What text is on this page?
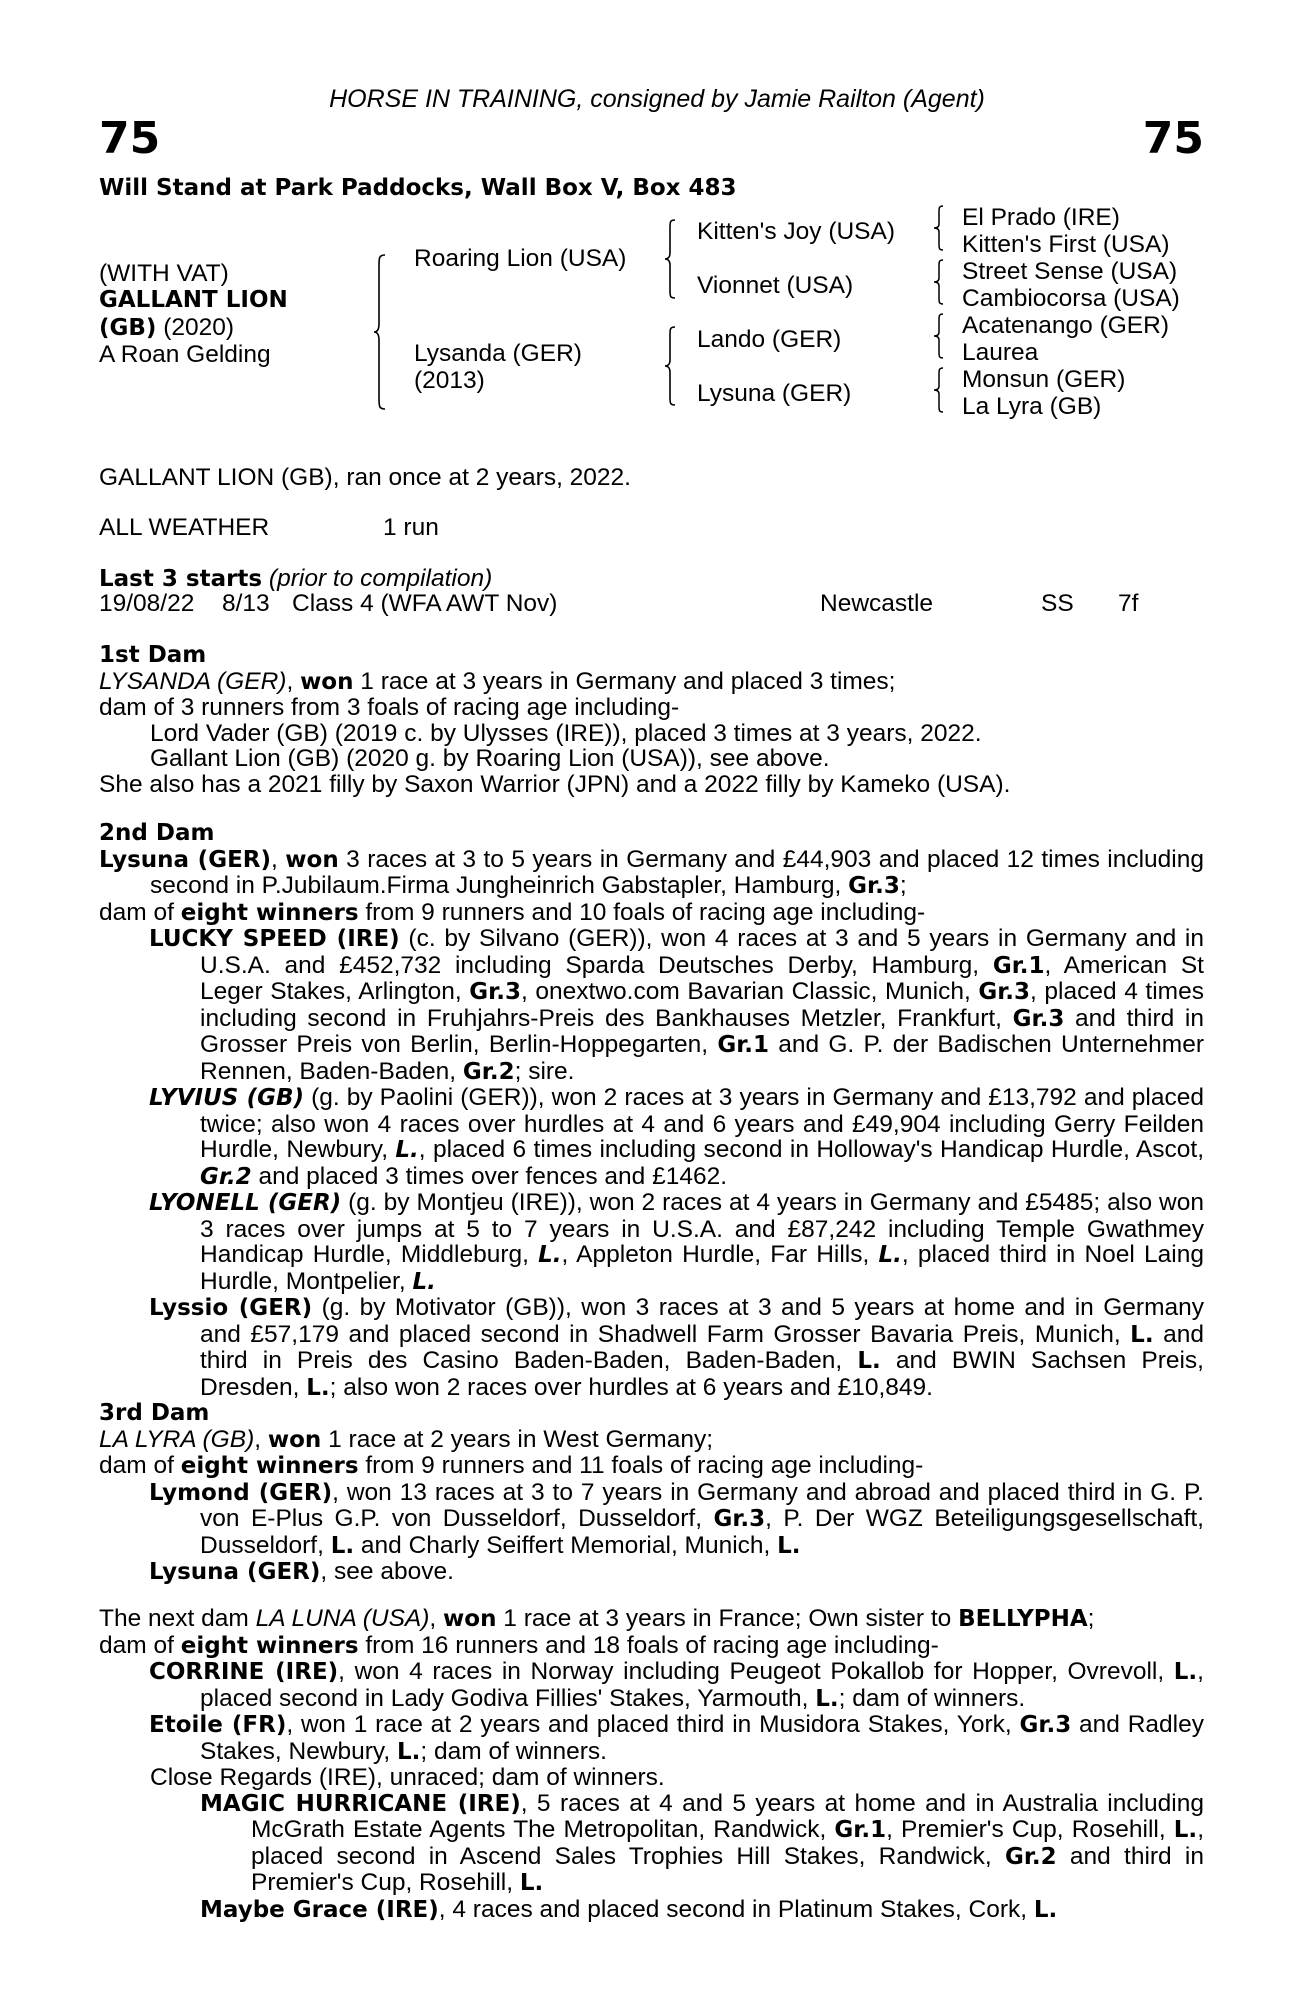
HORSE IN TRAINING, consigned by Jamie Railton (Agent)
75	75
Will Stand at Park Paddocks, Wall Box V, Box 483
(WITH VAT)
GALLANT LION
(GB) (2020)
A Roan Gelding
Roaring Lion (USA)
Lysanda (GER)
(2013)
Kitten's Joy (USA)
Vionnet (USA)
Lando (GER)
Lysuna (GER)
El Prado (IRE)
Kitten's First (USA)
Street Sense (USA)
Cambiocorsa (USA)
Acatenango (GER)
Laurea
Monsun (GER)
La Lyra (GB)
GALLANT LION (GB), ran once at 2 years, 2022.
ALL WEATHER	1 run
Last 3 starts (prior to compilation)
19/08/22 8/13 Class 4 (WFA AWT Nov)	Newcastle	SS 7f

1st Dam

LYSANDA (GER), won 1 race at 3 years in Germany and placed 3 times;

dam of 3 runners from 3 foals of racing age including-

Lord Vader (GB) (2019 c. by Ulysses (IRE)), placed 3 times at 3 years, 2022.

Gallant Lion (GB) (2020 g. by Roaring Lion (USA)), see above.

She also has a 2021 filly by Saxon Warrior (JPN) and a 2022 filly by Kameko (USA).

2nd Dam

Lysuna (GER), won 3 races at 3 to 5 years in Germany and £44,903 and placed 12 times including second in P.Jubilaum.Firma Jungheinrich Gabstapler, Hamburg, Gr.3;

dam of eight winners from 9 runners and 10 foals of racing age including-

LUCKY SPEED (IRE) (c. by Silvano (GER)), won 4 races at 3 and 5 years in Germany and in U.S.A. and £452,732 including Sparda Deutsches Derby, Hamburg, Gr.1, American St Leger Stakes, Arlington, Gr.3, onextwo.com Bavarian Classic, Munich, Gr.3, placed 4 times including second in Fruhjahrs-Preis des Bankhauses Metzler, Frankfurt, Gr.3 and third in Grosser Preis von Berlin, Berlin-Hoppegarten, Gr.1 and G. P. der Badischen Unternehmer Rennen, Baden-Baden, Gr.2; sire.

LYVIUS (GB) (g. by Paolini (GER)), won 2 races at 3 years in Germany and £13,792 and placed twice; also won 4 races over hurdles at 4 and 6 years and £49,904 including Gerry Feilden Hurdle, Newbury, L., placed 6 times including second in Holloway's Handicap Hurdle, Ascot, Gr.2 and placed 3 times over fences and £1462.

LYONELL (GER) (g. by Montjeu (IRE)), won 2 races at 4 years in Germany and £5485; also won 3 races over jumps at 5 to 7 years in U.S.A. and £87,242 including Temple Gwathmey Handicap Hurdle, Middleburg, L., Appleton Hurdle, Far Hills, L., placed third in Noel Laing Hurdle, Montpelier, L.

Lyssio (GER) (g. by Motivator (GB)), won 3 races at 3 and 5 years at home and in Germany and £57,179 and placed second in Shadwell Farm Grosser Bavaria Preis, Munich, L. and third in Preis des Casino Baden-Baden, Baden-Baden, L. and BWIN Sachsen Preis, Dresden, L.; also won 2 races over hurdles at 6 years and £10,849.

3rd Dam

LA LYRA (GB), won 1 race at 2 years in West Germany;

dam of eight winners from 9 runners and 11 foals of racing age including-

Lymond (GER), won 13 races at 3 to 7 years in Germany and abroad and placed third in G. P. von E-Plus G.P. von Dusseldorf, Dusseldorf, Gr.3, P. Der WGZ Beteiligungsgesellschaft, Dusseldorf, L. and Charly Seiffert Memorial, Munich, L.

Lysuna (GER), see above.

The next dam LA LUNA (USA), won 1 race at 3 years in France; Own sister to BELLYPHA;

dam of eight winners from 16 runners and 18 foals of racing age including-

CORRINE (IRE), won 4 races in Norway including Peugeot Pokallob for Hopper, Ovrevoll, L., placed second in Lady Godiva Fillies' Stakes, Yarmouth, L.; dam of winners.

Etoile (FR), won 1 race at 2 years and placed third in Musidora Stakes, York, Gr.3 and Radley Stakes, Newbury, L.; dam of winners.

Close Regards (IRE), unraced; dam of winners.

MAGIC HURRICANE (IRE), 5 races at 4 and 5 years at home and in Australia including McGrath Estate Agents The Metropolitan, Randwick, Gr.1, Premier's Cup, Rosehill, L., placed second in Ascend Sales Trophies Hill Stakes, Randwick, Gr.2 and third in Premier's Cup, Rosehill, L.

Maybe Grace (IRE), 4 races and placed second in Platinum Stakes, Cork, L.
